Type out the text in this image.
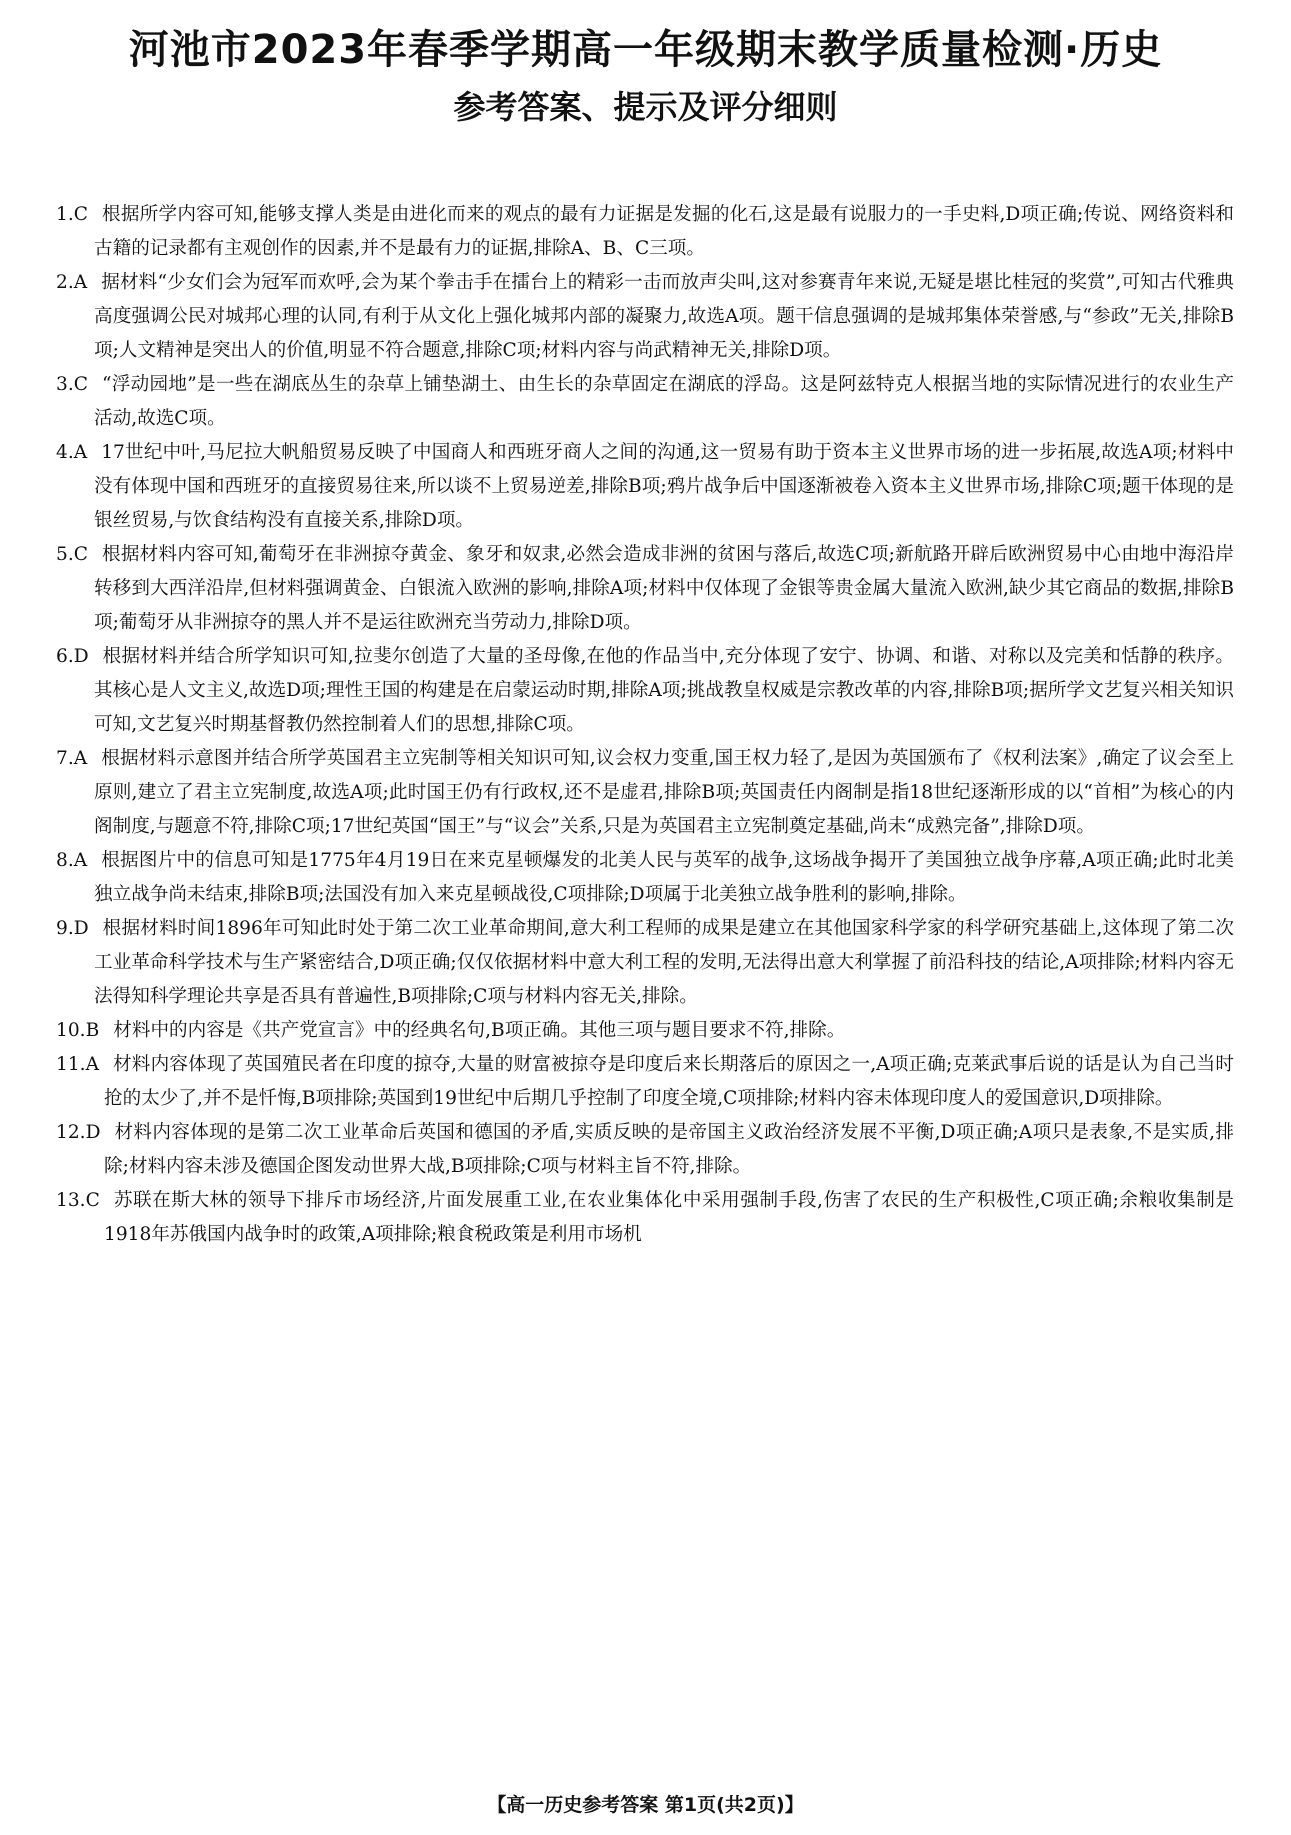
河池市2023年春季学期高一年级期末教学质量检测·历史
参考答案、提示及评分细则
1.C 根据所学内容可知,能够支撑人类是由进化而来的观点的最有力证据是发掘的化石,这是最有说服力的一手史料,D项正确;传说、网络资料和古籍的记录都有主观创作的因素,并不是最有力的证据,排除A、B、C三项。
2.A 据材料“少女们会为冠军而欢呼,会为某个拳击手在擂台上的精彩一击而放声尖叫,这对参赛青年来说,无疑是堪比桂冠的奖赏”,可知古代雅典高度强调公民对城邦心理的认同,有利于从文化上强化城邦内部的凝聚力,故选A项。题干信息强调的是城邦集体荣誉感,与“参政”无关,排除B项;人文精神是突出人的价值,明显不符合题意,排除C项;材料内容与尚武精神无关,排除D项。
3.C “浮动园地”是一些在湖底丛生的杂草上铺垫湖土、由生长的杂草固定在湖底的浮岛。这是阿兹特克人根据当地的实际情况进行的农业生产活动,故选C项。
4.A 17世纪中叶,马尼拉大帆船贸易反映了中国商人和西班牙商人之间的沟通,这一贸易有助于资本主义世界市场的进一步拓展,故选A项;材料中没有体现中国和西班牙的直接贸易往来,所以谈不上贸易逆差,排除B项;鸦片战争后中国逐渐被卷入资本主义世界市场,排除C项;题干体现的是银丝贸易,与饮食结构没有直接关系,排除D项。
5.C 根据材料内容可知,葡萄牙在非洲掠夺黄金、象牙和奴隶,必然会造成非洲的贫困与落后,故选C项;新航路开辟后欧洲贸易中心由地中海沿岸转移到大西洋沿岸,但材料强调黄金、白银流入欧洲的影响,排除A项;材料中仅体现了金银等贵金属大量流入欧洲,缺少其它商品的数据,排除B项;葡萄牙从非洲掠夺的黑人并不是运往欧洲充当劳动力,排除D项。
6.D 根据材料并结合所学知识可知,拉斐尔创造了大量的圣母像,在他的作品当中,充分体现了安宁、协调、和谐、对称以及完美和恬静的秩序。其核心是人文主义,故选D项;理性王国的构建是在启蒙运动时期,排除A项;挑战教皇权威是宗教改革的内容,排除B项;据所学文艺复兴相关知识可知,文艺复兴时期基督教仍然控制着人们的思想,排除C项。
7.A 根据材料示意图并结合所学英国君主立宪制等相关知识可知,议会权力变重,国王权力轻了,是因为英国颁布了《权利法案》,确定了议会至上原则,建立了君主立宪制度,故选A项;此时国王仍有行政权,还不是虚君,排除B项;英国责任内阁制是指18世纪逐渐形成的以“首相”为核心的内阁制度,与题意不符,排除C项;17世纪英国“国王”与“议会”关系,只是为英国君主立宪制奠定基础,尚未“成熟完备”,排除D项。
8.A 根据图片中的信息可知是1775年4月19日在来克星顿爆发的北美人民与英军的战争,这场战争揭开了美国独立战争序幕,A项正确;此时北美独立战争尚未结束,排除B项;法国没有加入来克星顿战役,C项排除;D项属于北美独立战争胜利的影响,排除。
9.D 根据材料时间1896年可知此时处于第二次工业革命期间,意大利工程师的成果是建立在其他国家科学家的科学研究基础上,这体现了第二次工业革命科学技术与生产紧密结合,D项正确;仅仅依据材料中意大利工程的发明,无法得出意大利掌握了前沿科技的结论,A项排除;材料内容无法得知科学理论共享是否具有普遍性,B项排除;C项与材料内容无关,排除。
10.B 材料中的内容是《共产党宣言》中的经典名句,B项正确。其他三项与题目要求不符,排除。
11.A 材料内容体现了英国殖民者在印度的掠夺,大量的财富被掠夺是印度后来长期落后的原因之一,A项正确;克莱武事后说的话是认为自己当时抢的太少了,并不是忏悔,B项排除;英国到19世纪中后期几乎控制了印度全境,C项排除;材料内容未体现印度人的爱国意识,D项排除。
12.D 材料内容体现的是第二次工业革命后英国和德国的矛盾,实质反映的是帝国主义政治经济发展不平衡,D项正确;A项只是表象,不是实质,排除;材料内容未涉及德国企图发动世界大战,B项排除;C项与材料主旨不符,排除。
13.C 苏联在斯大林的领导下排斥市场经济,片面发展重工业,在农业集体化中采用强制手段,伤害了农民的生产积极性,C项正确;余粮收集制是1918年苏俄国内战争时的政策,A项排除;粮食税政策是利用市场机
【高一历史参考答案 第1页(共2页)】
